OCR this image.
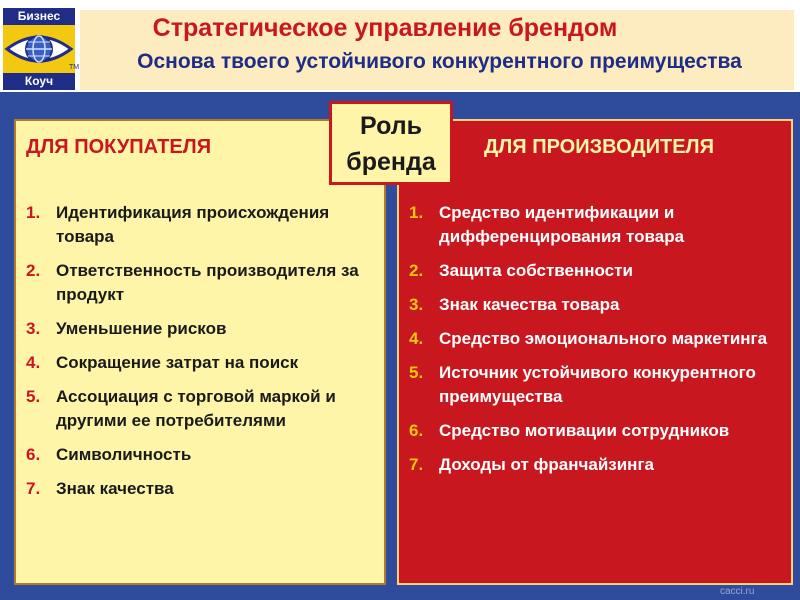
Бизнес
TM
Коуч
Стратегическое управление брендом
Основа твоего устойчивого конкурентного преимущества
ДЛЯ ПОКУПАТЕЛЯ
1. Идентификация происхождения товара
2. Ответственность производителя за продукт
3. Уменьшение рисков
4. Сокращение затрат на поиск
5. Ассоциация с торговой маркой и другими ее потребителями
6. Символичность
7. Знак качества
ДЛЯ ПРОИЗВОДИТЕЛЯ
1. Средство идентификации и дифференцирования товара
2. Защита собственности
3. Знак качества товара
4. Средство эмоционального маркетинга
5. Источник устойчивого конкурентного преимущества
6. Средство мотивации сотрудников
7. Доходы от франчайзинга
Роль
бренда
cacci.ru
